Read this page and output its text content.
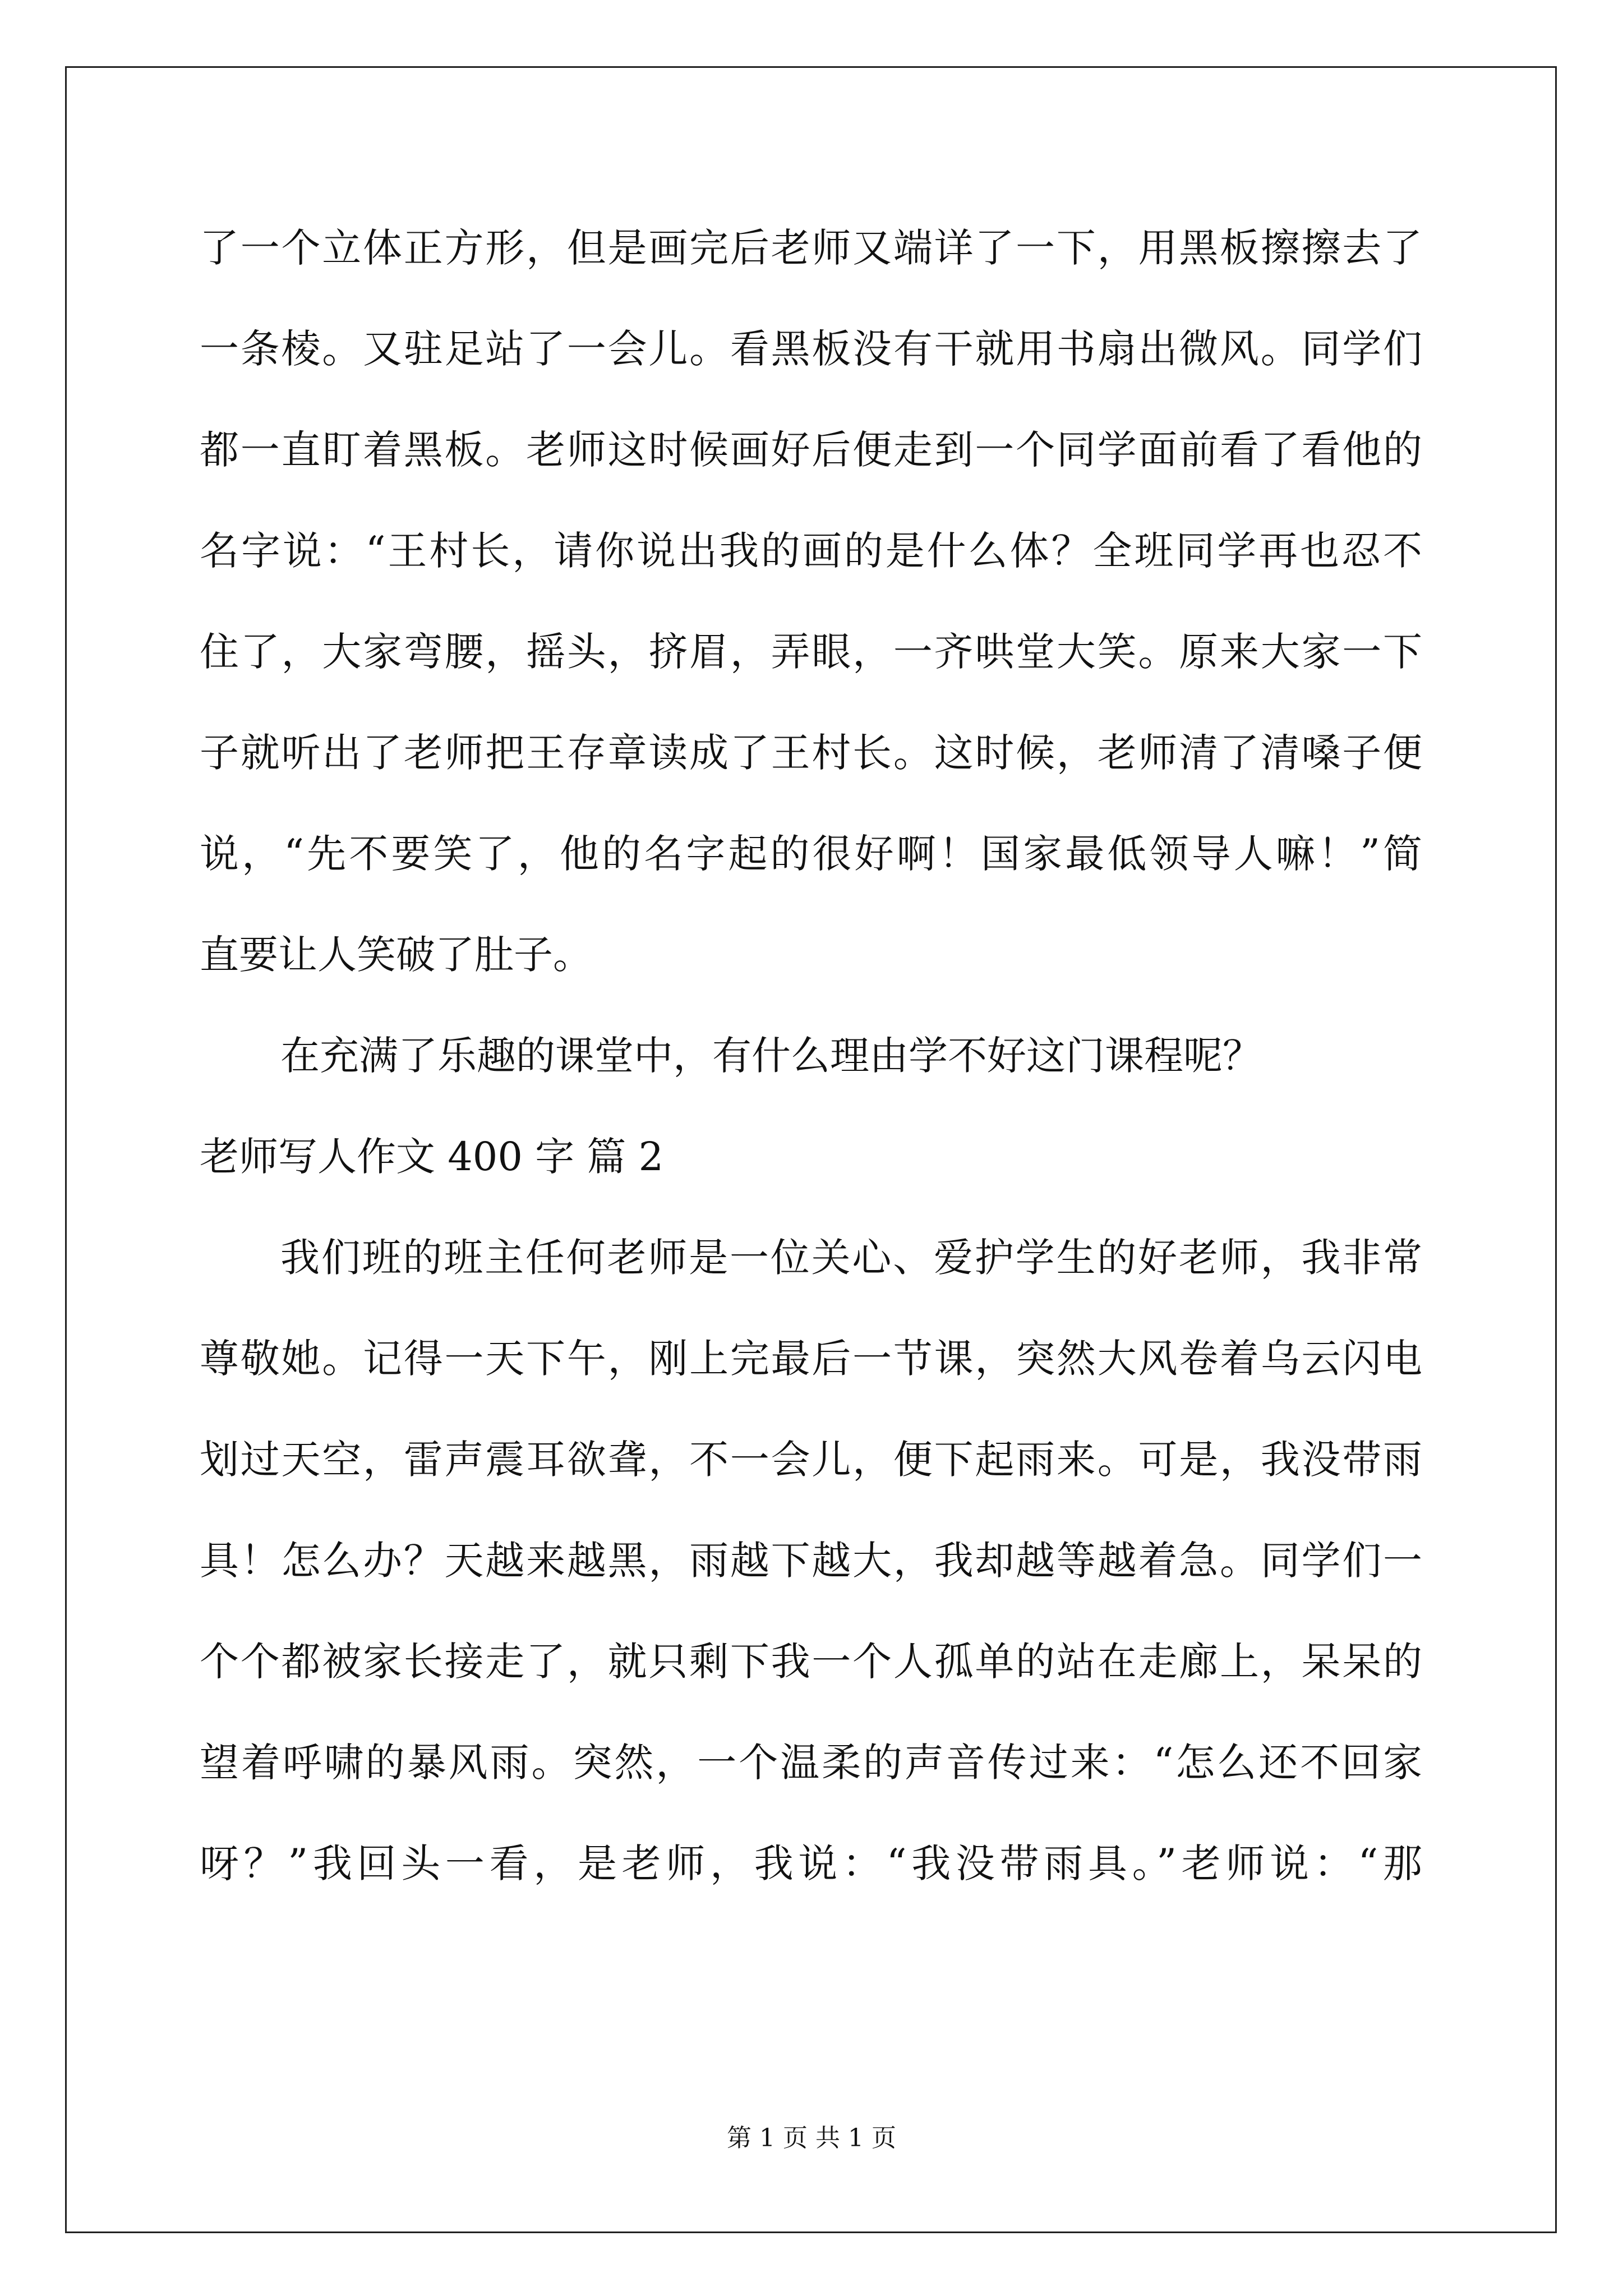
了一个立体正方形，但是画完后老师又端详了一下，用黑板擦擦去了
一条棱。又驻足站了一会儿。看黑板没有干就用书扇出微风。同学们
都一直盯着黑板。老师这时候画好后便走到一个同学面前看了看他的
名字说：“王村长，请你说出我的画的是什么体？全班同学再也忍不
住了，大家弯腰，摇头，挤眉，弄眼，一齐哄堂大笑。原来大家一下
子就听出了老师把王存章读成了王村长。这时候，老师清了清嗓子便
说，“先不要笑了，他的名字起的很好啊！国家最低领导人嘛！”简
直要让人笑破了肚子。
在充满了乐趣的课堂中，有什么理由学不好这门课程呢？
老师写人作文 400 字 篇 2
我们班的班主任何老师是一位关心、爱护学生的好老师，我非常
尊敬她。记得一天下午，刚上完最后一节课，突然大风卷着乌云闪电
划过天空，雷声震耳欲聋，不一会儿，便下起雨来。可是，我没带雨
具！怎么办？天越来越黑，雨越下越大，我却越等越着急。同学们一
个个都被家长接走了，就只剩下我一个人孤单的站在走廊上，呆呆的
望着呼啸的暴风雨。突然，一个温柔的声音传过来：“怎么还不回家
呀？”我回头一看，是老师，我说：“我没带雨具。”老师说：“那
第 1 页 共 1 页
